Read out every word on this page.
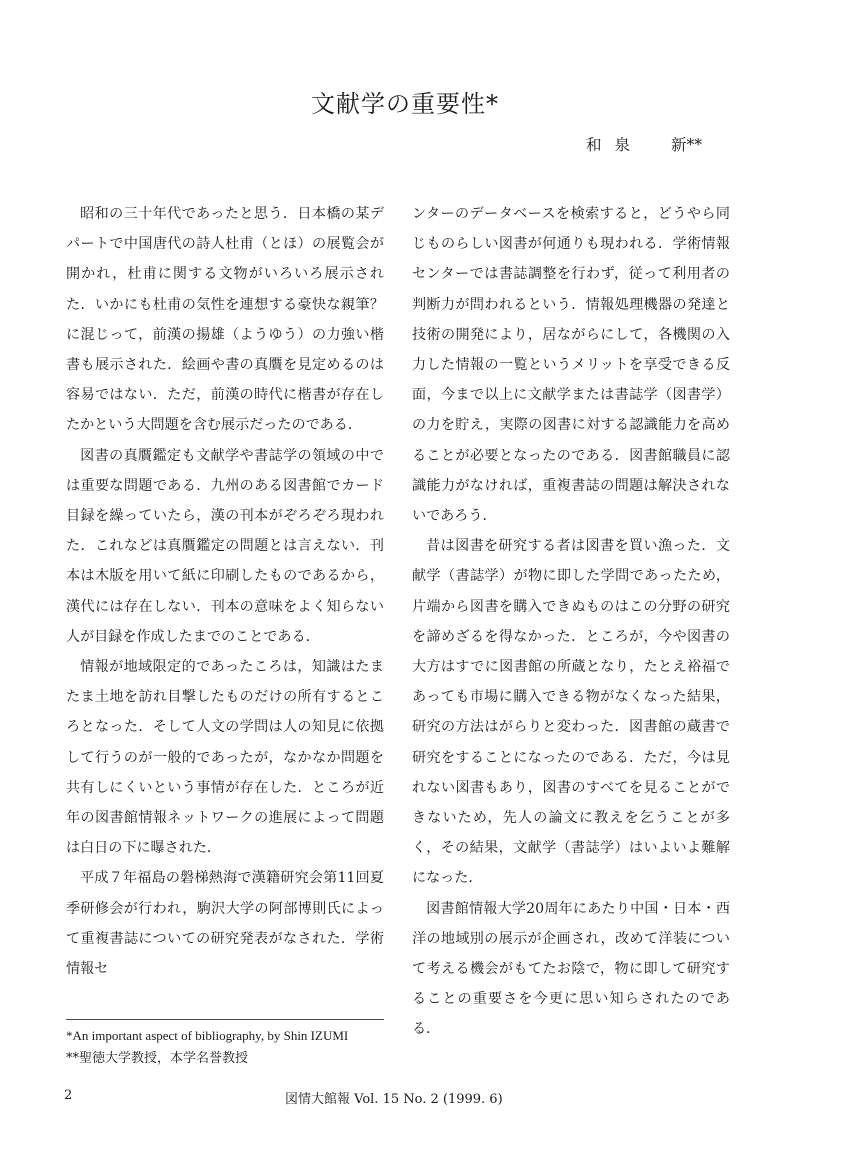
文献学の重要性*
和泉 新**

昭和の三十年代であったと思う．日本橋の某デパートで中国唐代の詩人杜甫（とほ）の展覧会が開かれ，杜甫に関する文物がいろいろ展示された．いかにも杜甫の気性を連想する豪快な親筆？に混じって，前漢の揚雄（ようゆう）の力強い楷書も展示された．絵画や書の真贋を見定めるのは容易ではない．ただ，前漢の時代に楷書が存在したかという大問題を含む展示だったのである．

図書の真贋鑑定も文献学や書誌学の領域の中では重要な問題である．九州のある図書館でカード目録を繰っていたら，漢の刊本がぞろぞろ現われた．これなどは真贋鑑定の問題とは言えない．刊本は木版を用いて紙に印刷したものであるから，漢代には存在しない．刊本の意味をよく知らない人が目録を作成したまでのことである．

情報が地域限定的であったころは，知識はたまたま土地を訪れ目撃したものだけの所有するところとなった．そして人文の学問は人の知見に依拠して行うのが一般的であったが，なかなか問題を共有しにくいという事情が存在した．ところが近年の図書館情報ネットワークの進展によって問題は白日の下に曝された．

平成７年福島の磐梯熱海で漢籍研究会第11回夏季研修会が行われ，駒沢大学の阿部博則氏によって重複書誌についての研究発表がなされた．学術情報セ

ンターのデータベースを検索すると，どうやら同じものらしい図書が何通りも現われる．学術情報センターでは書誌調整を行わず，従って利用者の判断力が問われるという．情報処理機器の発達と技術の開発により，居ながらにして，各機関の入力した情報の一覧というメリットを享受できる反面，今まで以上に文献学または書誌学（図書学）の力を貯え，実際の図書に対する認識能力を高めることが必要となったのである．図書館職員に認識能力がなければ，重複書誌の問題は解決されないであろう．

昔は図書を研究する者は図書を買い漁った．文献学（書誌学）が物に即した学問であったため，片端から図書を購入できぬものはこの分野の研究を諦めざるを得なかった．ところが，今や図書の大方はすでに図書館の所蔵となり，たとえ裕福であっても市場に購入できる物がなくなった結果，研究の方法はがらりと変わった．図書館の蔵書で研究をすることになったのである．ただ，今は見れない図書もあり，図書のすべてを見ることができないため，先人の論文に教えを乞うことが多く，その結果，文献学（書誌学）はいよいよ難解になった．

図書館情報大学20周年にあたり中国・日本・西洋の地域別の展示が企画され，改めて洋装について考える機会がもてたお陰で，物に即して研究することの重要さを今更に思い知らされたのである．

*An important aspect of bibliography, by Shin IZUMI
**聖徳大学教授，本学名誉教授
2	図情大館報 Vol. 15 No. 2 (1999. 6)
